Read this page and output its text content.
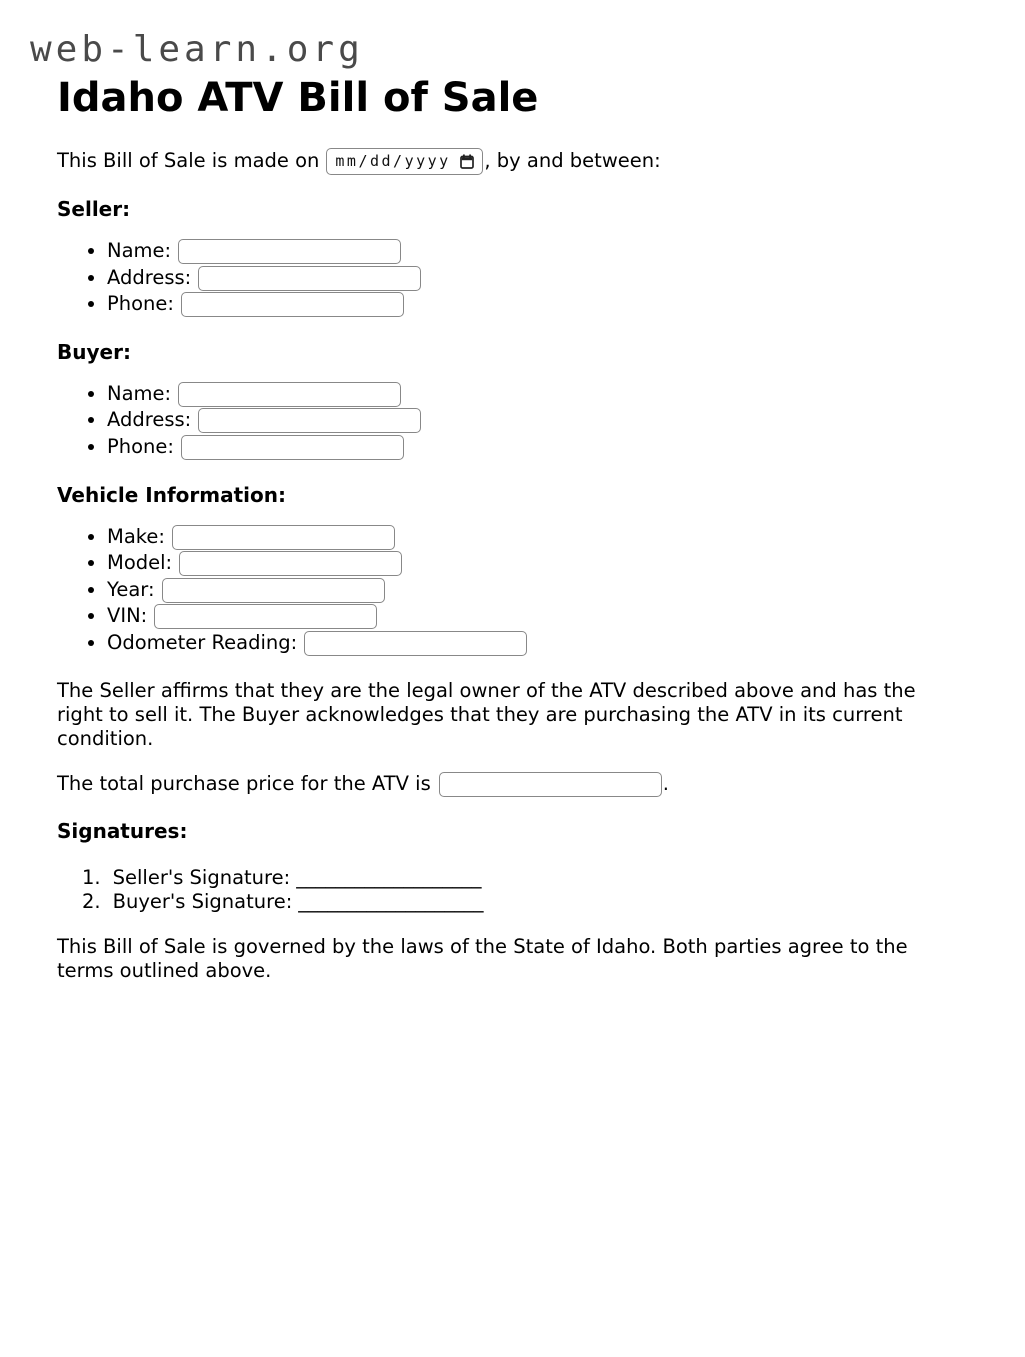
web-learn.org
Idaho ATV Bill of Sale

This Bill of Sale is made on mm/dd/yyyy , by and between:

Seller:
• Name:
• Address:
• Phone:
Buyer:
• Name:
• Address:
• Phone:
Vehicle Information:
• Make:
• Model:
• Year:
• VIN:
• Odometer Reading:

The Seller affirms that they are the legal owner of the ATV described above and has the right to sell it. The Buyer acknowledges that they are purchasing the ATV in its current condition.

The total purchase price for the ATV is	.

Signatures:
1. Seller's Signature: ___________________
2. Buyer's Signature: ___________________

This Bill of Sale is governed by the laws of the State of Idaho. Both parties agree to the terms outlined above.
